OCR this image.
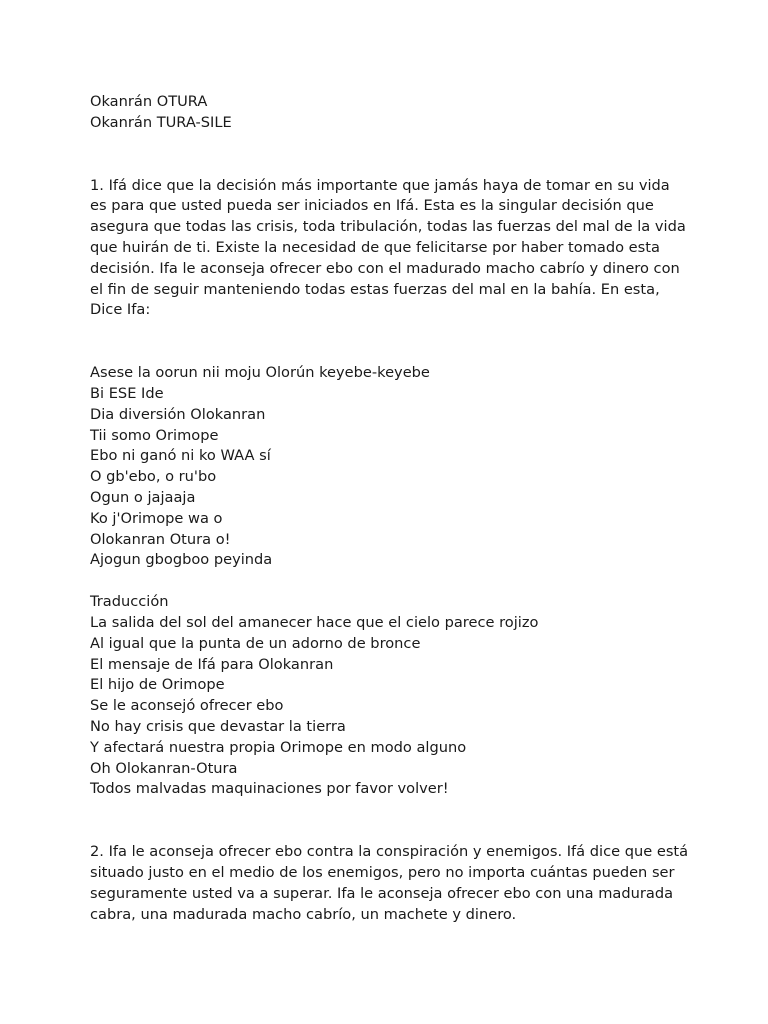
Okanrán OTURA
Okanrán TURA-SILE

1. Ifá dice que la decisión más importante que jamás haya de tomar en su vida es para que usted pueda ser iniciados en Ifá. Esta es la singular decisión que asegura que todas las crisis, toda tribulación, todas las fuerzas del mal de la vida que huirán de ti. Existe la necesidad de que felicitarse por haber tomado esta decisión. Ifa le aconseja ofrecer ebo con el madurado macho cabrío y dinero con el fin de seguir manteniendo todas estas fuerzas del mal en la bahía. En esta, Dice Ifa:

Asese la oorun nii moju Olorún keyebe-keyebe
Bi ESE Ide
Dia diversión Olokanran
Tii somo Orimope
Ebo ni ganó ni ko WAA sí
O gb'ebo, o ru'bo
Ogun o jajaaja
Ko j'Orimope wa o
Olokanran Otura o!
Ajogun gbogboo peyinda
Traducción
La salida del sol del amanecer hace que el cielo parece rojizo
Al igual que la punta de un adorno de bronce
El mensaje de Ifá para Olokanran
El hijo de Orimope
Se le aconsejó ofrecer ebo
No hay crisis que devastar la tierra
Y afectará nuestra propia Orimope en modo alguno
Oh Olokanran-Otura
Todos malvadas maquinaciones por favor volver!

2. Ifa le aconseja ofrecer ebo contra la conspiración y enemigos. Ifá dice que está situado justo en el medio de los enemigos, pero no importa cuántas pueden ser seguramente usted va a superar. Ifa le aconseja ofrecer ebo con una madurada cabra, una madurada macho cabrío, un machete y dinero.
